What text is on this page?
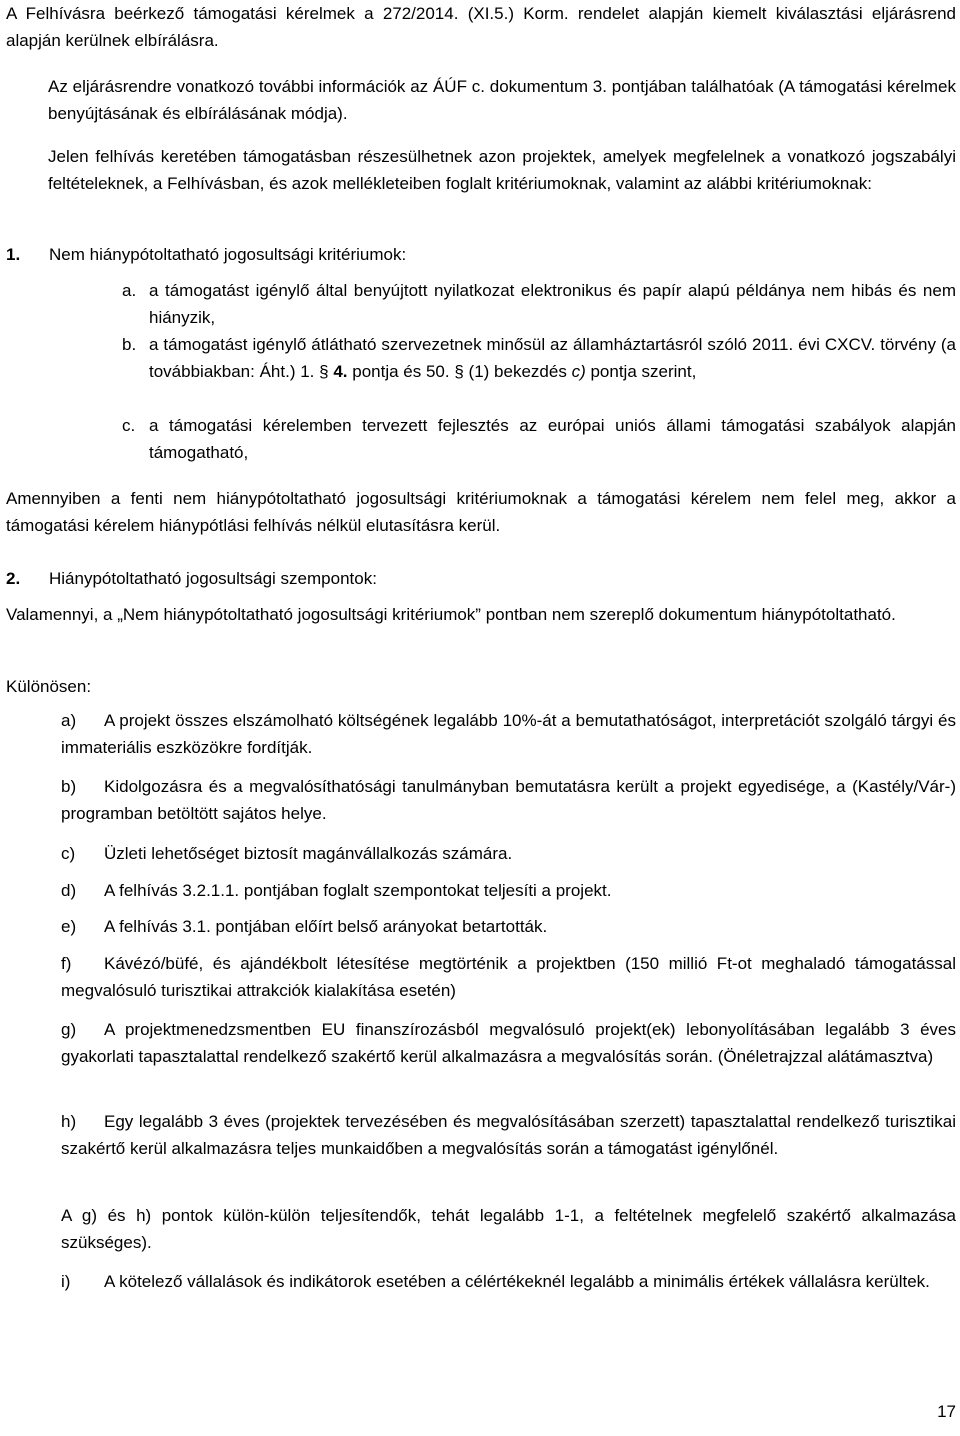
A Felhívásra beérkező támogatási kérelmek a 272/2014. (XI.5.) Korm. rendelet alapján kiemelt kiválasztási eljárásrend alapján kerülnek elbírálásra.

Az eljárásrendre vonatkozó további információk az ÁÚF c. dokumentum 3. pontjában találhatóak (A támogatási kérelmek benyújtásának és elbírálásának módja).

Jelen felhívás keretében támogatásban részesülhetnek azon projektek, amelyek megfelelnek a vonatkozó jogszabályi feltételeknek, a Felhívásban, és azok mellékleteiben foglalt kritériumoknak, valamint az alábbi kritériumoknak:

1. Nem hiánypótoltatható jogosultsági kritériumok:
a. a támogatást igénylő által benyújtott nyilatkozat elektronikus és papír alapú példánya nem hibás és nem hiányzik,

b. a támogatást igénylő átlátható szervezetnek minősül az államháztartásról szóló 2011. évi CXCV. törvény (a továbbiakban: Áht.) 1. § 4. pontja és 50. § (1) bekezdés c) pontja szerint,

c. a támogatási kérelemben tervezett fejlesztés az európai uniós állami támogatási szabályok alapján támogatható,

Amennyiben a fenti nem hiánypótoltatható jogosultsági kritériumoknak a támogatási kérelem nem felel meg, akkor a támogatási kérelem hiánypótlási felhívás nélkül elutasításra kerül.

2. Hiánypótoltatható jogosultsági szempontok:

Valamennyi, a „Nem hiánypótoltatható jogosultsági kritériumok” pontban nem szereplő dokumentum hiánypótoltatható.

Különösen:

a) A projekt összes elszámolható költségének legalább 10%-át a bemutathatóságot, interpretációt szolgáló tárgyi és immateriális eszközökre fordítják.

b) Kidolgozásra és a megvalósíthatósági tanulmányban bemutatásra került a projekt egyedisége, a (Kastély/Vár-) programban betöltött sajátos helye.

c) Üzleti lehetőséget biztosít magánvállalkozás számára.

d) A felhívás 3.2.1.1. pontjában foglalt szempontokat teljesíti a projekt.

e) A felhívás 3.1. pontjában előírt belső arányokat betartották.

f) Kávézó/büfé, és ajándékbolt létesítése megtörténik a projektben (150 millió Ft-ot meghaladó támogatással megvalósuló turisztikai attrakciók kialakítása esetén)

g) A projektmenedzsmentben EU finanszírozásból megvalósuló projekt(ek) lebonyolításában legalább 3 éves gyakorlati tapasztalattal rendelkező szakértő kerül alkalmazásra a megvalósítás során. (Önéletrajzzal alátámasztva)

h) Egy legalább 3 éves (projektek tervezésében és megvalósításában szerzett) tapasztalattal rendelkező turisztikai szakértő kerül alkalmazásra teljes munkaidőben a megvalósítás során a támogatást igénylőnél.

A g) és h) pontok külön-külön teljesítendők, tehát legalább 1-1, a feltételnek megfelelő szakértő alkalmazása szükséges).

i) A kötelező vállalások és indikátorok esetében a célértékeknél legalább a minimális értékek vállalásra kerültek.

17
